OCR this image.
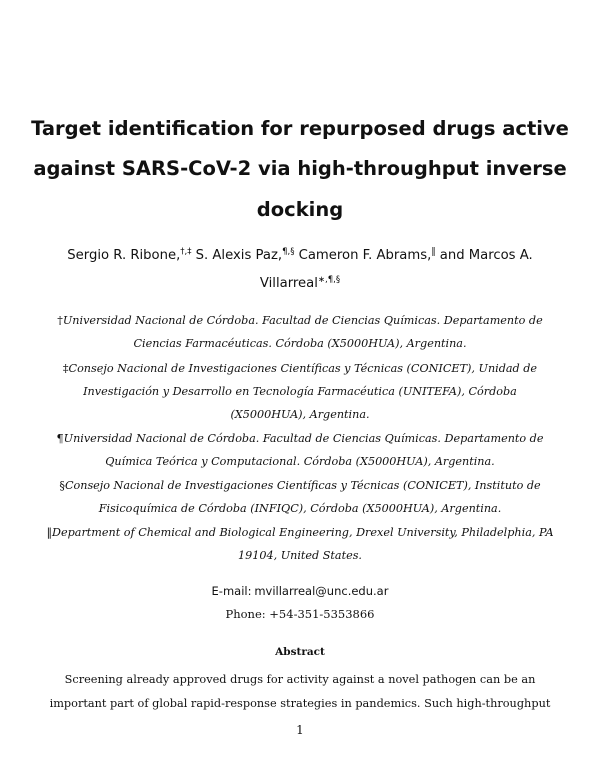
Target identification for repurposed drugs active
against SARS-CoV-2 via high-throughput inverse
docking
Sergio R. Ribone,†,‡ S. Alexis Paz,¶,§ Cameron F. Abrams,‖ and Marcos A.
Villarreal∗,¶,§
†Universidad Nacional de Córdoba. Facultad de Ciencias Químicas. Departamento de
Ciencias Farmacéuticas. Córdoba (X5000HUA), Argentina.
‡Consejo Nacional de Investigaciones Científicas y Técnicas (CONICET), Unidad de
Investigación y Desarrollo en Tecnología Farmacéutica (UNITEFA), Córdoba
(X5000HUA), Argentina.
¶Universidad Nacional de Córdoba. Facultad de Ciencias Químicas. Departamento de
Química Teórica y Computacional. Córdoba (X5000HUA), Argentina.
§Consejo Nacional de Investigaciones Científicas y Técnicas (CONICET), Instituto de
Fisicoquímica de Córdoba (INFIQC), Córdoba (X5000HUA), Argentina.
‖Department of Chemical and Biological Engineering, Drexel University, Philadelphia, PA
19104, United States.
E-mail: mvillarreal@unc.edu.ar
Phone: +54-351-5353866
Abstract
Screening already approved drugs for activity against a novel pathogen can be an
important part of global rapid-response strategies in pandemics. Such high-throughput
1
